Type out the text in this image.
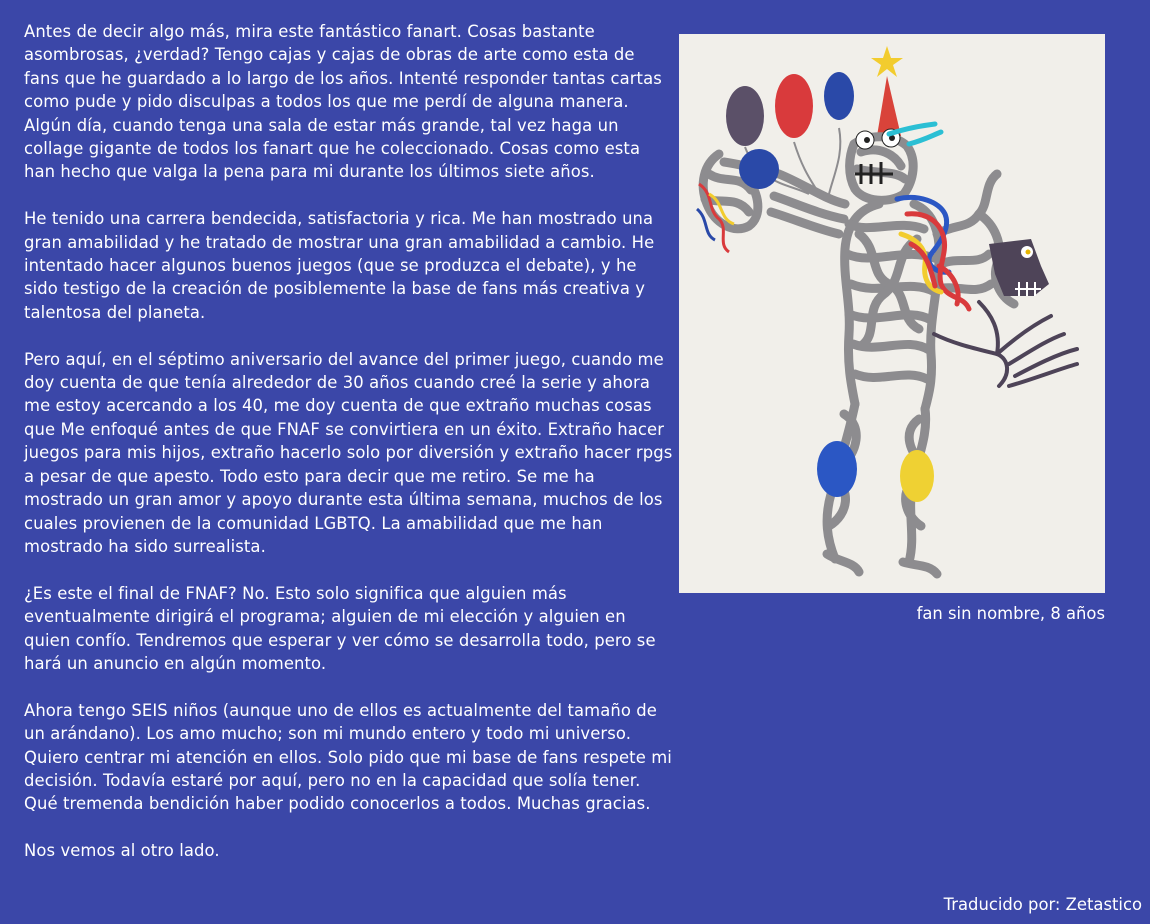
Antes de decir algo más, mira este fantástico fanart. Cosas bastante asombrosas, ¿verdad? Tengo cajas y cajas de obras de arte como esta de fans que he guardado a lo largo de los años. Intenté responder tantas cartas como pude y pido disculpas a todos los que me perdí de alguna manera. Algún día, cuando tenga una sala de estar más grande, tal vez haga un collage gigante de todos los fanart que he coleccionado. Cosas como esta han hecho que valga la pena para mi durante los últimos siete años.

He tenido una carrera bendecida, satisfactoria y rica. Me han mostrado una gran amabilidad y he tratado de mostrar una gran amabilidad a cambio. He intentado hacer algunos buenos juegos (que se produzca el debate), y he sido testigo de la creación de posiblemente la base de fans más creativa y talentosa del planeta.

Pero aquí, en el séptimo aniversario del avance del primer juego, cuando me doy cuenta de que tenía alrededor de 30 años cuando creé la serie y ahora me estoy acercando a los 40, me doy cuenta de que extraño muchas cosas que Me enfoqué antes de que FNAF se convirtiera en un éxito. Extraño hacer juegos para mis hijos, extraño hacerlo solo por diversión y extraño hacer rpgs a pesar de que apesto. Todo esto para decir que me retiro. Se me ha mostrado un gran amor y apoyo durante esta última semana, muchos de los cuales provienen de la comunidad LGBTQ. La amabilidad que me han mostrado ha sido surrealista.

¿Es este el final de FNAF? No. Esto solo significa que alguien más eventualmente dirigirá el programa; alguien de mi elección y alguien en quien confío. Tendremos que esperar y ver cómo se desarrolla todo, pero se hará un anuncio en algún momento.

Ahora tengo SEIS niños (aunque uno de ellos es actualmente del tamaño de un arándano). Los amo mucho; son mi mundo entero y todo mi universo. Quiero centrar mi atención en ellos. Solo pido que mi base de fans respete mi decisión. Todavía estaré por aquí, pero no en la capacidad que solía tener. Qué tremenda bendición haber podido conocerlos a todos. Muchas gracias.

Nos vemos al otro lado.

fan sin nombre, 8 años
Traducido por: Zetastico
